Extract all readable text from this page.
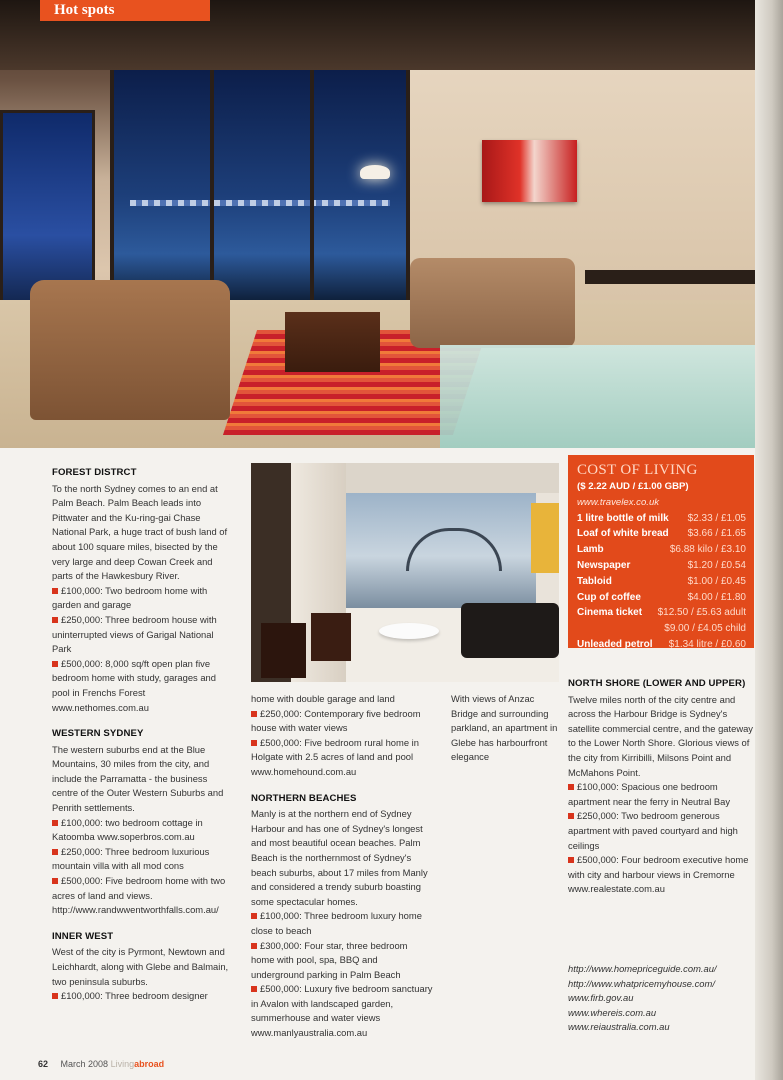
Hot spots
FOREST DISTRCT

To the north Sydney comes to an end at Palm Beach. Palm Beach leads into Pittwater and the Ku-ring-gai Chase National Park, a huge tract of bush land of about 100 square miles, bisected by the very large and deep Cowan Creek and parts of the Hawkesbury River.

£100,000: Two bedroom home with garden and garage

£250,000: Three bedroom house with uninterrupted views of Garigal National Park

£500,000: 8,000 sq/ft open plan five bedroom home with study, garages and pool in Frenchs Forest

www.nethomes.com.au

WESTERN SYDNEY

The western suburbs end at the Blue Mountains, 30 miles from the city, and include the Parramatta - the business centre of the Outer Western Suburbs and Penrith settlements.

£100,000: two bedroom cottage in Katoomba www.soperbros.com.au

£250,000: Three bedroom luxurious mountain villa with all mod cons

£500,000: Five bedroom home with two acres of land and views.

http://www.randwwentworthfalls.com.au/

INNER WEST

West of the city is Pyrmont, Newtown and Leichhardt, along with Glebe and Balmain, two peninsula suburbs.

£100,000: Three bedroom designer

home with double garage and land

£250,000: Contemporary five bedroom house with water views

£500,000: Five bedroom rural home in Holgate with 2.5 acres of land and pool

www.homehound.com.au

NORTHERN BEACHES

Manly is at the northern end of Sydney Harbour and has one of Sydney's longest and most beautiful ocean beaches. Palm Beach is the northernmost of Sydney's beach suburbs, about 17 miles from Manly and considered a trendy suburb boasting some spectacular homes.

£100,000: Three bedroom luxury home close to beach

£300,000: Four star, three bedroom home with pool, spa, BBQ and underground parking in Palm Beach

£500,000: Luxury five bedroom sanctuary in Avalon with landscaped garden, summerhouse and water views

www.manlyaustralia.com.au

With views of Anzac Bridge and surrounding parkland, an apartment in Glebe has harbourfront elegance

COST OF LIVING
($ 2.22 AUD / £1.00 GBP)
www.travelex.co.uk
1 litre bottle of milk $2.33 / £1.05
Loaf of white bread $3.66 / £1.65
Lamb	$6.88 kilo / £3.10
Newspaper	$1.20 / £0.54
Tabloid	$1.00 / £0.45
Cup of coffee	$4.00 / £1.80
Cinema ticket $12.50 / £5.63 adult
$9.00 / £4.05 child
Unleaded petrol $1.34 litre / £0.60
NORTH SHORE (LOWER AND UPPER)

Twelve miles north of the city centre and across the Harbour Bridge is Sydney's satellite commercial centre, and the gateway to the Lower North Shore. Glorious views of the city from Kirribilli, Milsons Point and McMahons Point.

£100,000: Spacious one bedroom apartment near the ferry in Neutral Bay

£250,000: Two bedroom generous apartment with paved courtyard and high ceilings

£500,000: Four bedroom executive home with city and harbour views in Cremorne

www.realestate.com.au

http://www.homepriceguide.com.au/

http://www.whatpricemyhouse.com/

www.firb.gov.au

www.whereis.com.au

www.reiaustralia.com.au

62 March 2008 Livingabroad
